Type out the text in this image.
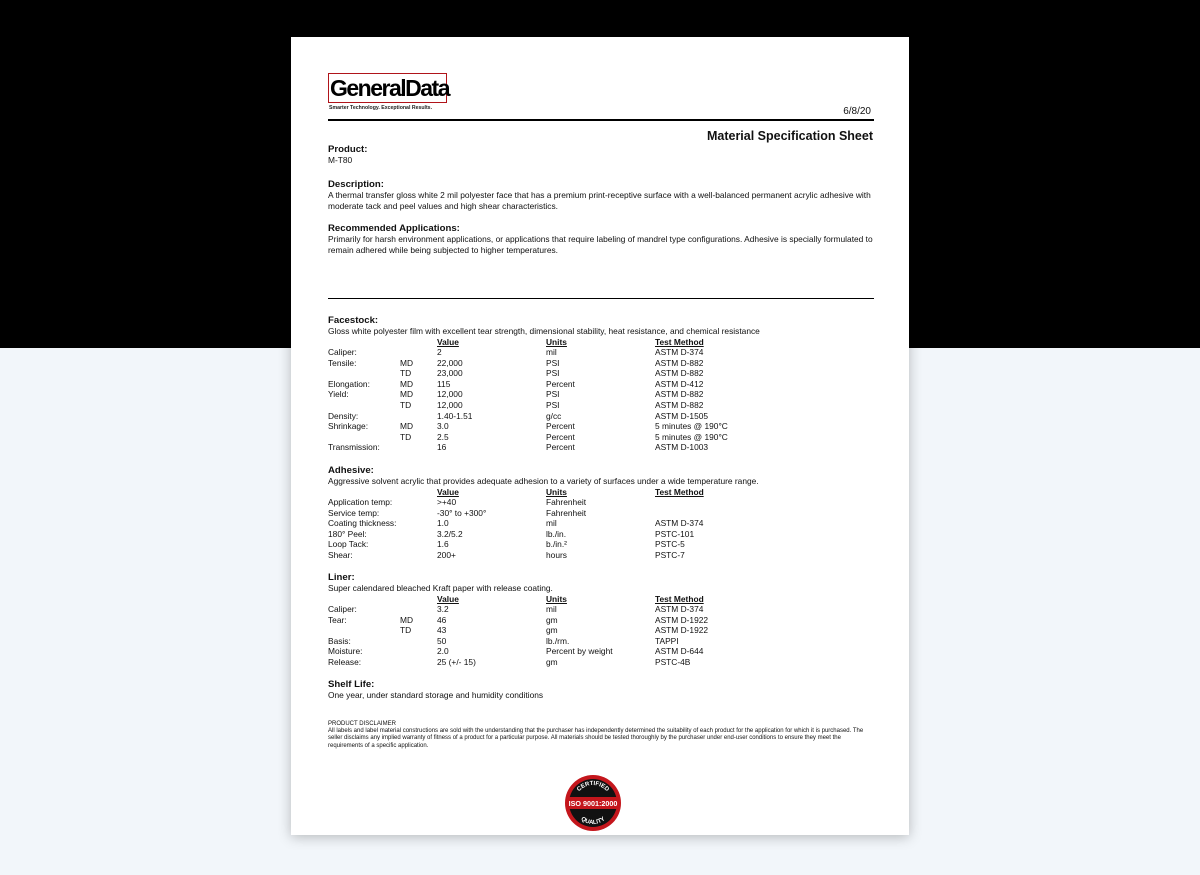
GeneralData
Smarter Technology. Exceptional Results.	6/8/20
Material Specification Sheet
Product:

M-T80

Description:

A thermal transfer gloss white 2 mil polyester face that has a premium print-receptive surface with a well-balanced permanent acrylic adhesive with moderate tack and peel values and high shear characteristics.

Recommended Applications:

Primarily for harsh environment applications, or applications that require labeling of mandrel type configurations. Adhesive is specially formulated to remain adhered while being subjected to higher temperatures.

Facestock:

Gloss white polyester film with excellent tear strength, dimensional stability, heat resistance, and chemical resistance

		Value	Units	Test Method
Caliper:		2	mil	ASTM D-374
Tensile:	MD	22,000	PSI	ASTM D-882
	TD	23,000	PSI	ASTM D-882
Elongation:	MD	115	Percent	ASTM D-412
Yield:	MD	12,000	PSI	ASTM D-882
	TD	12,000	PSI	ASTM D-882
Density:		1.40-1.51	g/cc	ASTM D-1505
Shrinkage:	MD	3.0	Percent	5 minutes @ 190°C
	TD	2.5	Percent	5 minutes @ 190°C
Transmission:		16	Percent	ASTM D-1003
Adhesive:

Aggressive solvent acrylic that provides adequate adhesion to a variety of surfaces under a wide temperature range.

		Value	Units	Test Method
Application temp:		>+40	Fahrenheit	
Service temp:		-30° to +300°	Fahrenheit	
Coating thickness:		1.0	mil	ASTM D-374
180° Peel:		3.2/5.2	lb./in.	PSTC-101
Loop Tack:		1.6	b./in.²	PSTC-5
Shear:		200+	hours	PSTC-7
Liner:

Super calendared bleached Kraft paper with release coating.

		Value	Units	Test Method
Caliper:		3.2	mil	ASTM D-374
Tear:	MD	46	gm	ASTM D-1922
	TD	43	gm	ASTM D-1922
Basis:		50	lb./rm.	TAPPI
Moisture:		2.0	Percent by weight	ASTM D-644
Release:		25 (+/- 15)	gm	PSTC-4B
Shelf Life:

One year, under standard storage and humidity conditions

PRODUCT DISCLAIMER

All labels and label material constructions are sold with the understanding that the purchaser has independently determined the suitability of each product for the application for which it is purchased. The seller disclaims any implied warranty of fitness of a product for a particular purpose. All materials should be tested thoroughly by the purchaser under end-user conditions to ensure they meet the requirements of a specific application.

CERTIFIED
ISO 9001:2000
QUALITY
